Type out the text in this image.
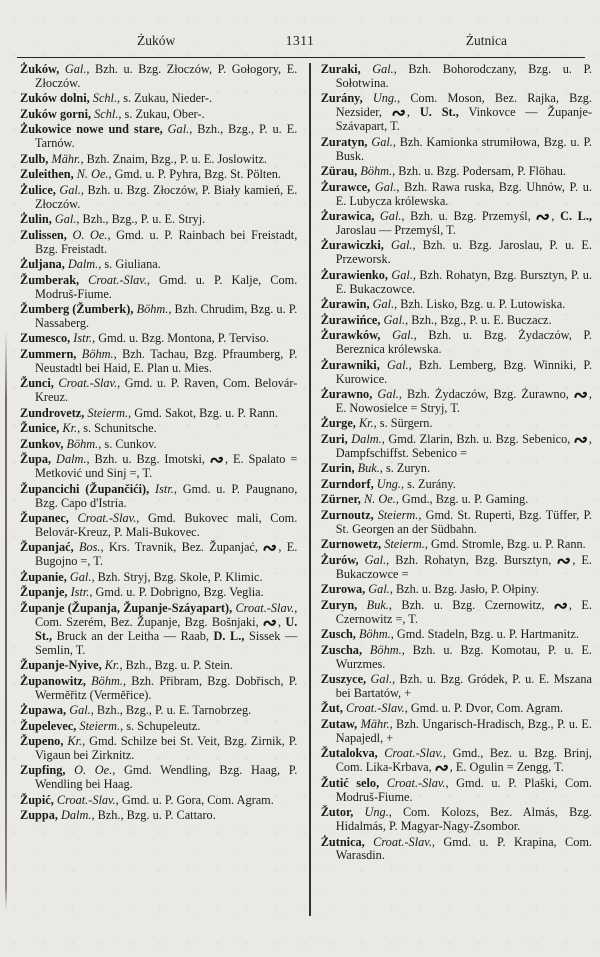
Żuków	1311	Żutnica

Żuków, Gal., Bzh. u. Bzg. Złoczów, P. Gołogory, E. Złoczów.

Zuków dolni, Schl., s. Zukau, Nieder-.

Zuków gorni, Schl., s. Zukau, Ober-.

Żukowice nowe und stare, Gal., Bzh., Bzg., P. u. E. Tarnów.

Zulb, Mähr., Bzh. Znaim, Bzg., P. u. E. Joslowitz.

Zuleithen, N. Oe., Gmd. u. P. Pyhra, Bzg. St. Pölten.

Żulice, Gal., Bzh. u. Bzg. Złoczów, P. Biały kamień, E. Złoczów.

Żulin, Gal., Bzh., Bzg., P. u. E. Stryj.

Zulissen, O. Oe., Gmd. u. P. Rainbach bei Freistadt, Bzg. Freistadt.

Żuljana, Dalm., s. Giuliana.

Žumberak, Croat.-Slav., Gmd. u. P. Kalje, Com. Modruš-Fiume.

Žumberg (Žumberk), Böhm., Bzh. Chrudim, Bzg. u. P. Nassaberg.

Zumesco, Istr., Gmd. u. Bzg. Montona, P. Terviso.

Zummern, Böhm., Bzh. Tachau, Bzg. Pfraumberg, P. Neustadtl bei Haid, E. Plan u. Mies.

Žunci, Croat.-Slav., Gmd. u. P. Raven, Com. Belovár-Kreuz.

Zundrovetz, Steierm., Gmd. Sakot, Bzg. u. P. Rann.

Žunice, Kr., s. Schunitsche.

Zunkov, Böhm., s. Cunkov.

Župa, Dalm., Bzh. u. Bzg. Imotski, , E. Spalato = Metković und Sinj =, T.

Župancichi (Župančići), Istr., Gmd. u. P. Paugnano, Bzg. Capo d'Istria.

Županec, Croat.-Slav., Gmd. Bukovec mali, Com. Belovár-Kreuz, P. Mali-Bukovec.

Županjać, Bos., Krs. Travnik, Bez. Županjać, , E. Bugojno =, T.

Żupanie, Gal., Bzh. Stryj, Bzg. Skole, P. Klimic.

Županje, Istr., Gmd. u. P. Dobrigno, Bzg. Veglia.

Županje (Županja, Županje-Száyapart), Croat.-Slav., Com. Szerém, Bez. Županje, Bzg. Bošnjaki, , U. St., Bruck an der Leitha — Raab, D. L., Sissek — Semlin, T.

Županje-Nyive, Kr., Bzh., Bzg. u. P. Stein.

Żupanowitz, Böhm., Bzh. Přibram, Bzg. Dobřisch, P. Werměřitz (Verměřice).

Żupawa, Gal., Bzh., Bzg., P. u. E. Tarnobrzeg.

Župelevec, Steierm., s. Schupeleutz.

Župeno, Kr., Gmd. Schilze bei St. Veit, Bzg. Zirnik, P. Vigaun bei Zirknitz.

Zupfing, O. Oe., Gmd. Wendling, Bzg. Haag, P. Wendling bei Haag.

Župić, Croat.-Slav., Gmd. u. P. Gora, Com. Agram.

Zuppa, Dalm., Bzh., Bzg. u. P. Cattaro.

Zuraki, Gal., Bzh. Bohorodczany, Bzg. u. P. Sołotwina.

Zurány, Ung., Com. Moson, Bez. Rajka, Bzg. Nezsider, , U. St., Vinkovce — Županje-Szávapart, T.

Zuratyn, Gal., Bzh. Kamionka strumiłowa, Bzg. u. P. Busk.

Zürau, Böhm., Bzh. u. Bzg. Podersam, P. Flöhau.

Żurawce, Gal., Bzh. Rawa ruska, Bzg. Uhnów, P. u. E. Lubycza królewska.

Żurawica, Gal., Bzh. u. Bzg. Przemyśl, , C. L., Jaroslau — Przemyśl, T.

Żurawiczki, Gal., Bzh. u. Bzg. Jaroslau, P. u. E. Przeworsk.

Żurawienko, Gal., Bzh. Rohatyn, Bzg. Bursztyn, P. u. E. Bukaczowce.

Żurawin, Gal., Bzh. Lisko, Bzg. u. P. Lutowiska.

Żurawińce, Gal., Bzh., Bzg., P. u. E. Buczacz.

Żurawków, Gal., Bzh. u. Bzg. Żydaczów, P. Bereznica królewska.

Żurawniki, Gal., Bzh. Lemberg, Bzg. Winniki, P. Kurowice.

Żurawno, Gal., Bzh. Żydaczów, Bzg. Żurawno, , E. Nowosielce = Stryj, T.

Żurge, Kr., s. Sürgern.

Zuri, Dalm., Gmd. Zlarin, Bzh. u. Bzg. Sebenico, , Dampfschiffst. Sebenico =

Zurin, Buk., s. Zuryn.

Zurndorf, Ung., s. Zurány.

Zürner, N. Oe., Gmd., Bzg. u. P. Gaming.

Zurnoutz, Steierm., Gmd. St. Ruperti, Bzg. Tüffer, P. St. Georgen an der Südbahn.

Zurnowetz, Steierm., Gmd. Stromle, Bzg. u. P. Rann.

Żurów, Gal., Bzh. Rohatyn, Bzg. Bursztyn, , E. Bukaczowce =

Zurowa, Gal., Bzh. u. Bzg. Jasło, P. Ołpiny.

Zuryn, Buk., Bzh. u. Bzg. Czernowitz, , E. Czernowitz =, T.

Zusch, Böhm., Gmd. Stadeln, Bzg. u. P. Hartmanitz.

Zuscha, Böhm., Bzh. u. Bzg. Komotau, P. u. E. Wurzmes.

Zuszyce, Gal., Bzh. u. Bzg. Gródek, P. u. E. Mszana bei Bartatów, +

Žut, Croat.-Slav., Gmd. u. P. Dvor, Com. Agram.

Zutaw, Mähr., Bzh. Ungarisch-Hradisch, Bzg., P. u. E. Napajedl, +

Žutalokva, Croat.-Slav., Gmd., Bez. u. Bzg. Brinj, Com. Lika-Krbava, , E. Ogulin = Zengg, T.

Žutić selo, Croat.-Slav., Gmd. u. P. Plaški, Com. Modruš-Fiume.

Žutor, Ung., Com. Kolozs, Bez. Almás, Bzg. Hidalmás, P. Magyar-Nagy-Zsombor.

Żutnica, Croat.-Slav., Gmd. u. P. Krapina, Com. Warasdin.
